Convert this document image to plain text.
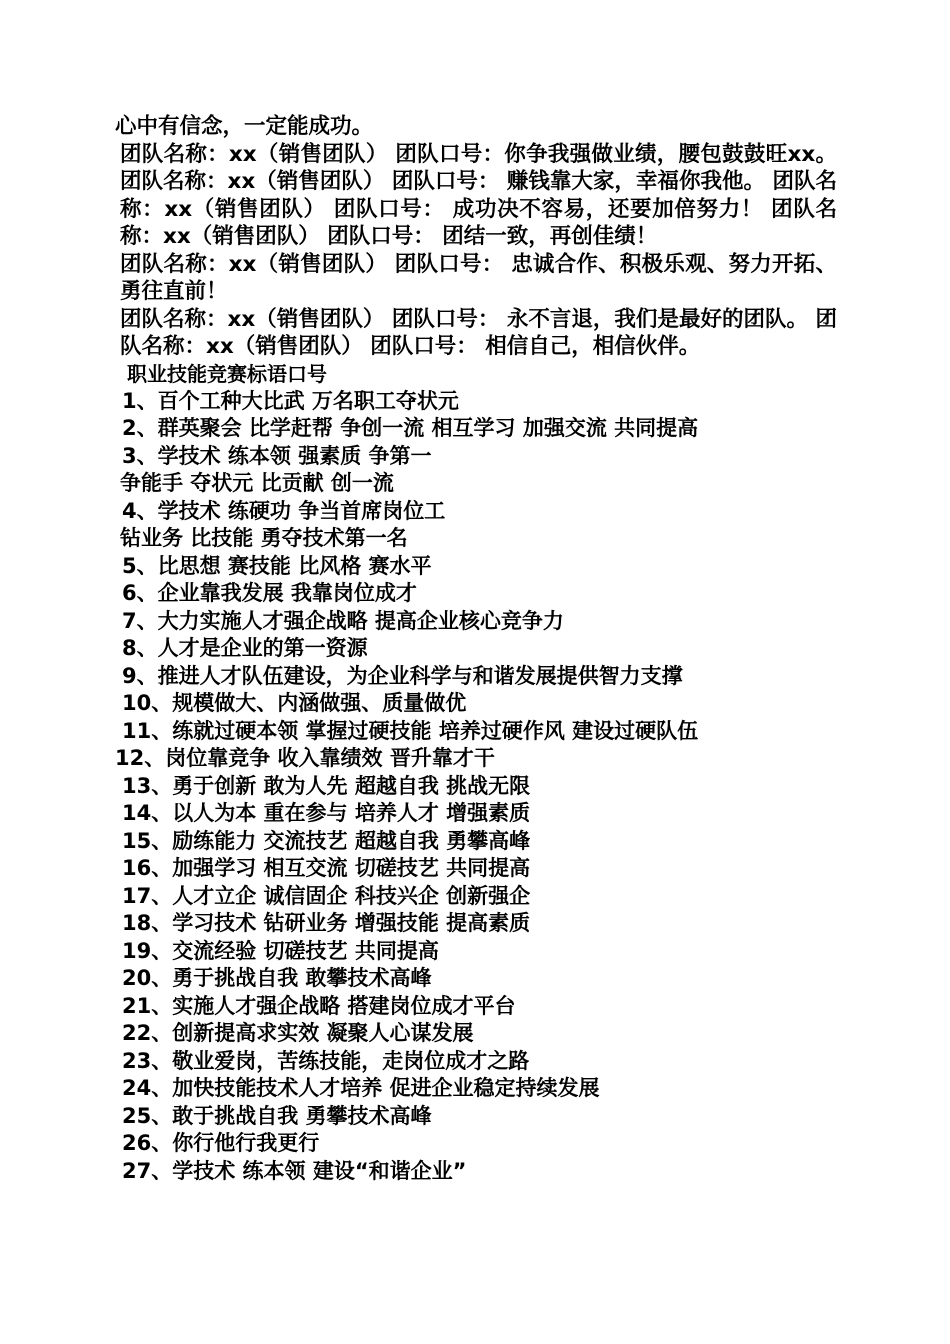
心中有信念，一定能成功。

团队名称：xx（销售团队） 团队口号：你争我强做业绩，腰包鼓鼓旺xx。 团队名称：xx（销售团队） 团队口号： 赚钱靠大家，幸福你我他。 团队名称：xx（销售团队） 团队口号： 成功决不容易，还要加倍努力！ 团队名称：xx（销售团队） 团队口号： 团结一致，再创佳绩！

团队名称：xx（销售团队） 团队口号： 忠诚合作、积极乐观、努力开拓、勇往直前！

团队名称：xx（销售团队） 团队口号： 永不言退，我们是最好的团队。 团队名称：xx（销售团队） 团队口号： 相信自己，相信伙伴。

职业技能竞赛标语口号
1、百个工种大比武 万名职工夺状元
2、群英聚会 比学赶帮 争创一流 相互学习 加强交流 共同提高
3、学技术 练本领 强素质 争第一
争能手 夺状元 比贡献 创一流
4、学技术 练硬功 争当首席岗位工
钻业务 比技能 勇夺技术第一名
5、比思想 赛技能 比风格 赛水平
6、企业靠我发展 我靠岗位成才
7、大力实施人才强企战略 提高企业核心竞争力
8、人才是企业的第一资源
9、推进人才队伍建设，为企业科学与和谐发展提供智力支撑
10、规模做大、内涵做强、质量做优
11、练就过硬本领 掌握过硬技能 培养过硬作风 建设过硬队伍
12、岗位靠竞争 收入靠绩效 晋升靠才干
13、勇于创新 敢为人先 超越自我 挑战无限
14、以人为本 重在参与 培养人才 增强素质
15、励练能力 交流技艺 超越自我 勇攀高峰
16、加强学习 相互交流 切磋技艺 共同提高
17、人才立企 诚信固企 科技兴企 创新强企
18、学习技术 钻研业务 增强技能 提高素质
19、交流经验 切磋技艺 共同提高
20、勇于挑战自我 敢攀技术高峰
21、实施人才强企战略 搭建岗位成才平台
22、创新提高求实效 凝聚人心谋发展
23、敬业爱岗，苦练技能，走岗位成才之路
24、加快技能技术人才培养 促进企业稳定持续发展
25、敢于挑战自我 勇攀技术高峰
26、你行他行我更行
27、学技术 练本领 建设“和谐企业”
